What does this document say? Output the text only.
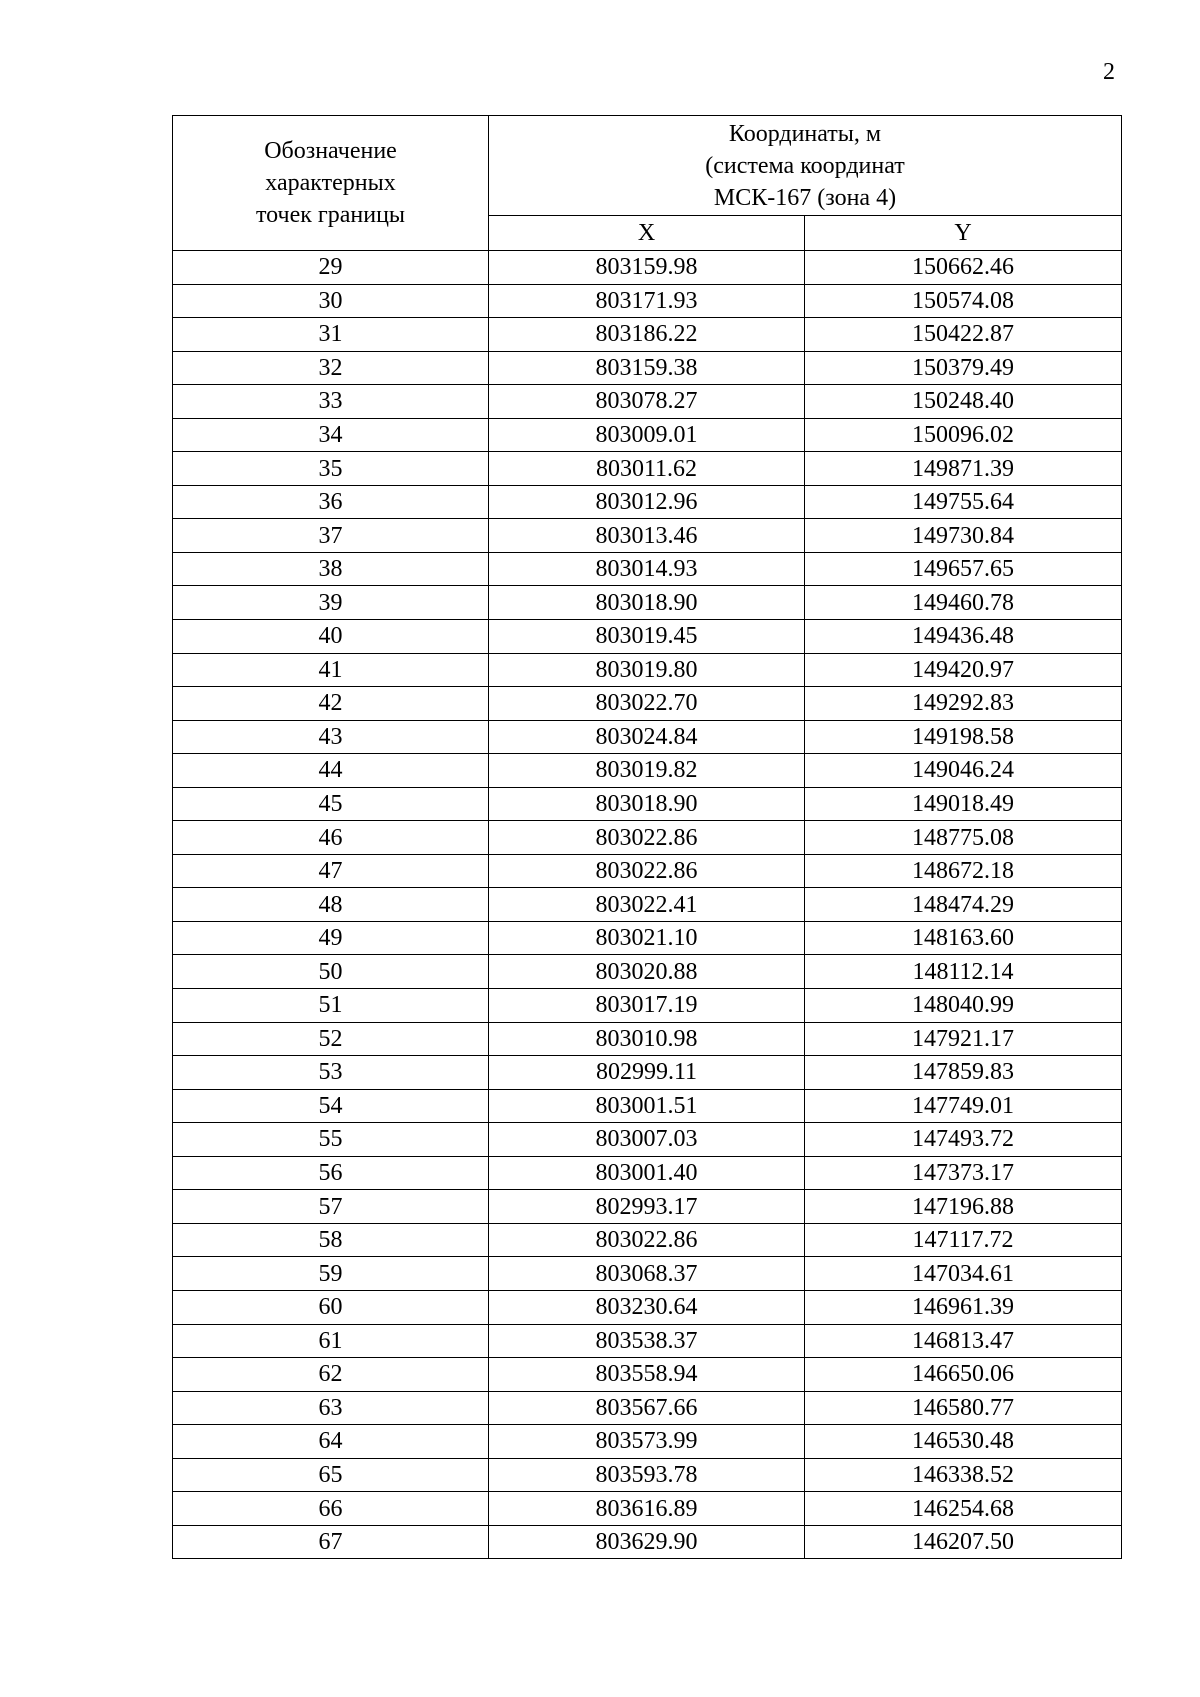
2
Обозначение
характерных
точек границы	Координаты, м
(система координат
МСК-167 (зона 4)	
	X	Y
29	803159.98	150662.46
30	803171.93	150574.08
31	803186.22	150422.87
32	803159.38	150379.49
33	803078.27	150248.40
34	803009.01	150096.02
35	803011.62	149871.39
36	803012.96	149755.64
37	803013.46	149730.84
38	803014.93	149657.65
39	803018.90	149460.78
40	803019.45	149436.48
41	803019.80	149420.97
42	803022.70	149292.83
43	803024.84	149198.58
44	803019.82	149046.24
45	803018.90	149018.49
46	803022.86	148775.08
47	803022.86	148672.18
48	803022.41	148474.29
49	803021.10	148163.60
50	803020.88	148112.14
51	803017.19	148040.99
52	803010.98	147921.17
53	802999.11	147859.83
54	803001.51	147749.01
55	803007.03	147493.72
56	803001.40	147373.17
57	802993.17	147196.88
58	803022.86	147117.72
59	803068.37	147034.61
60	803230.64	146961.39
61	803538.37	146813.47
62	803558.94	146650.06
63	803567.66	146580.77
64	803573.99	146530.48
65	803593.78	146338.52
66	803616.89	146254.68
67	803629.90	146207.50
